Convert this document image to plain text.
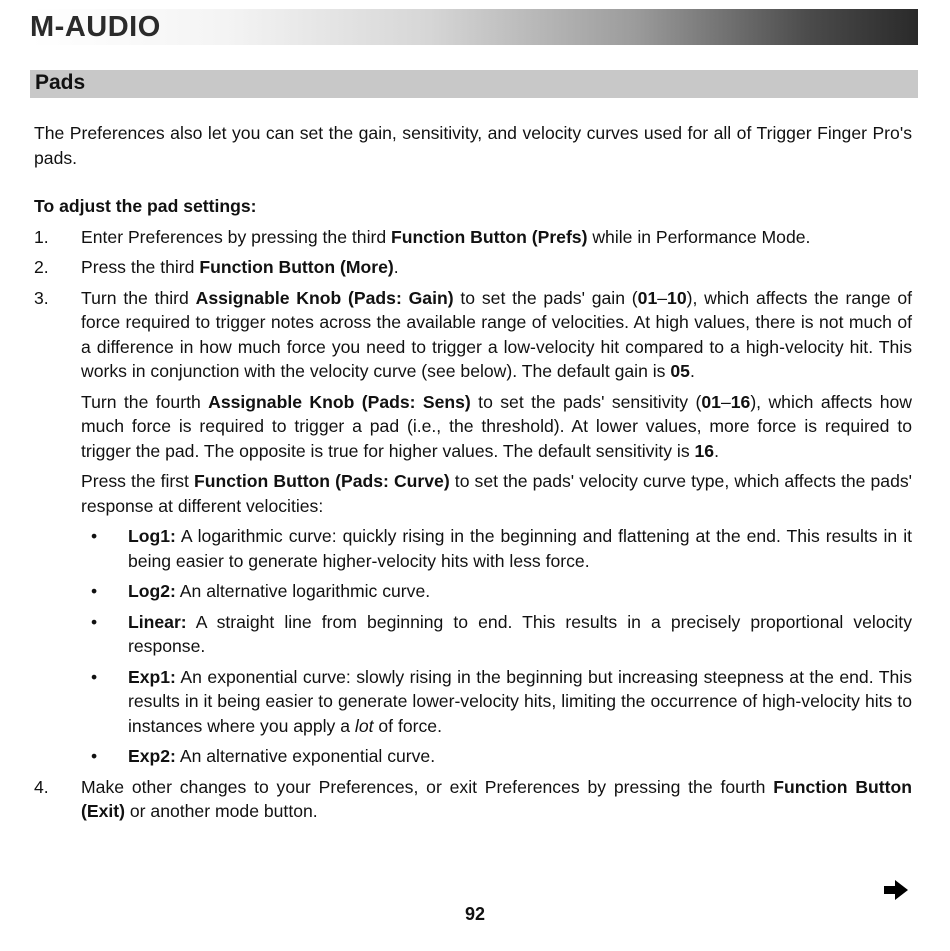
M-AUDIO
Pads

The Preferences also let you can set the gain, sensitivity, and velocity curves used for all of Trigger Finger Pro's pads.

To adjust the pad settings:

1. Enter Preferences by pressing the third Function Button (Prefs) while in Performance Mode.

2. Press the third Function Button (More).

3. Turn the third Assignable Knob (Pads: Gain) to set the pads' gain (01–10), which affects the range of force required to trigger notes across the available range of velocities. At high values, there is not much of a difference in how much force you need to trigger a low-velocity hit compared to a high-velocity hit. This works in conjunction with the velocity curve (see below). The default gain is 05.

Turn the fourth Assignable Knob (Pads: Sens) to set the pads' sensitivity (01–16), which affects how much force is required to trigger a pad (i.e., the threshold). At lower values, more force is required to trigger the pad. The opposite is true for higher values. The default sensitivity is 16.

Press the first Function Button (Pads: Curve) to set the pads' velocity curve type, which affects the pads' response at different velocities:

• Log1: A logarithmic curve: quickly rising in the beginning and flattening at the end. This results in it being easier to generate higher-velocity hits with less force.

• Log2: An alternative logarithmic curve.

• Linear: A straight line from beginning to end. This results in a precisely proportional velocity response.

• Exp1: An exponential curve: slowly rising in the beginning but increasing steepness at the end. This results in it being easier to generate lower-velocity hits, limiting the occurrence of high-velocity hits to instances where you apply a lot of force.

• Exp2: An alternative exponential curve.

4. Make other changes to your Preferences, or exit Preferences by pressing the fourth Function Button (Exit) or another mode button.

92
